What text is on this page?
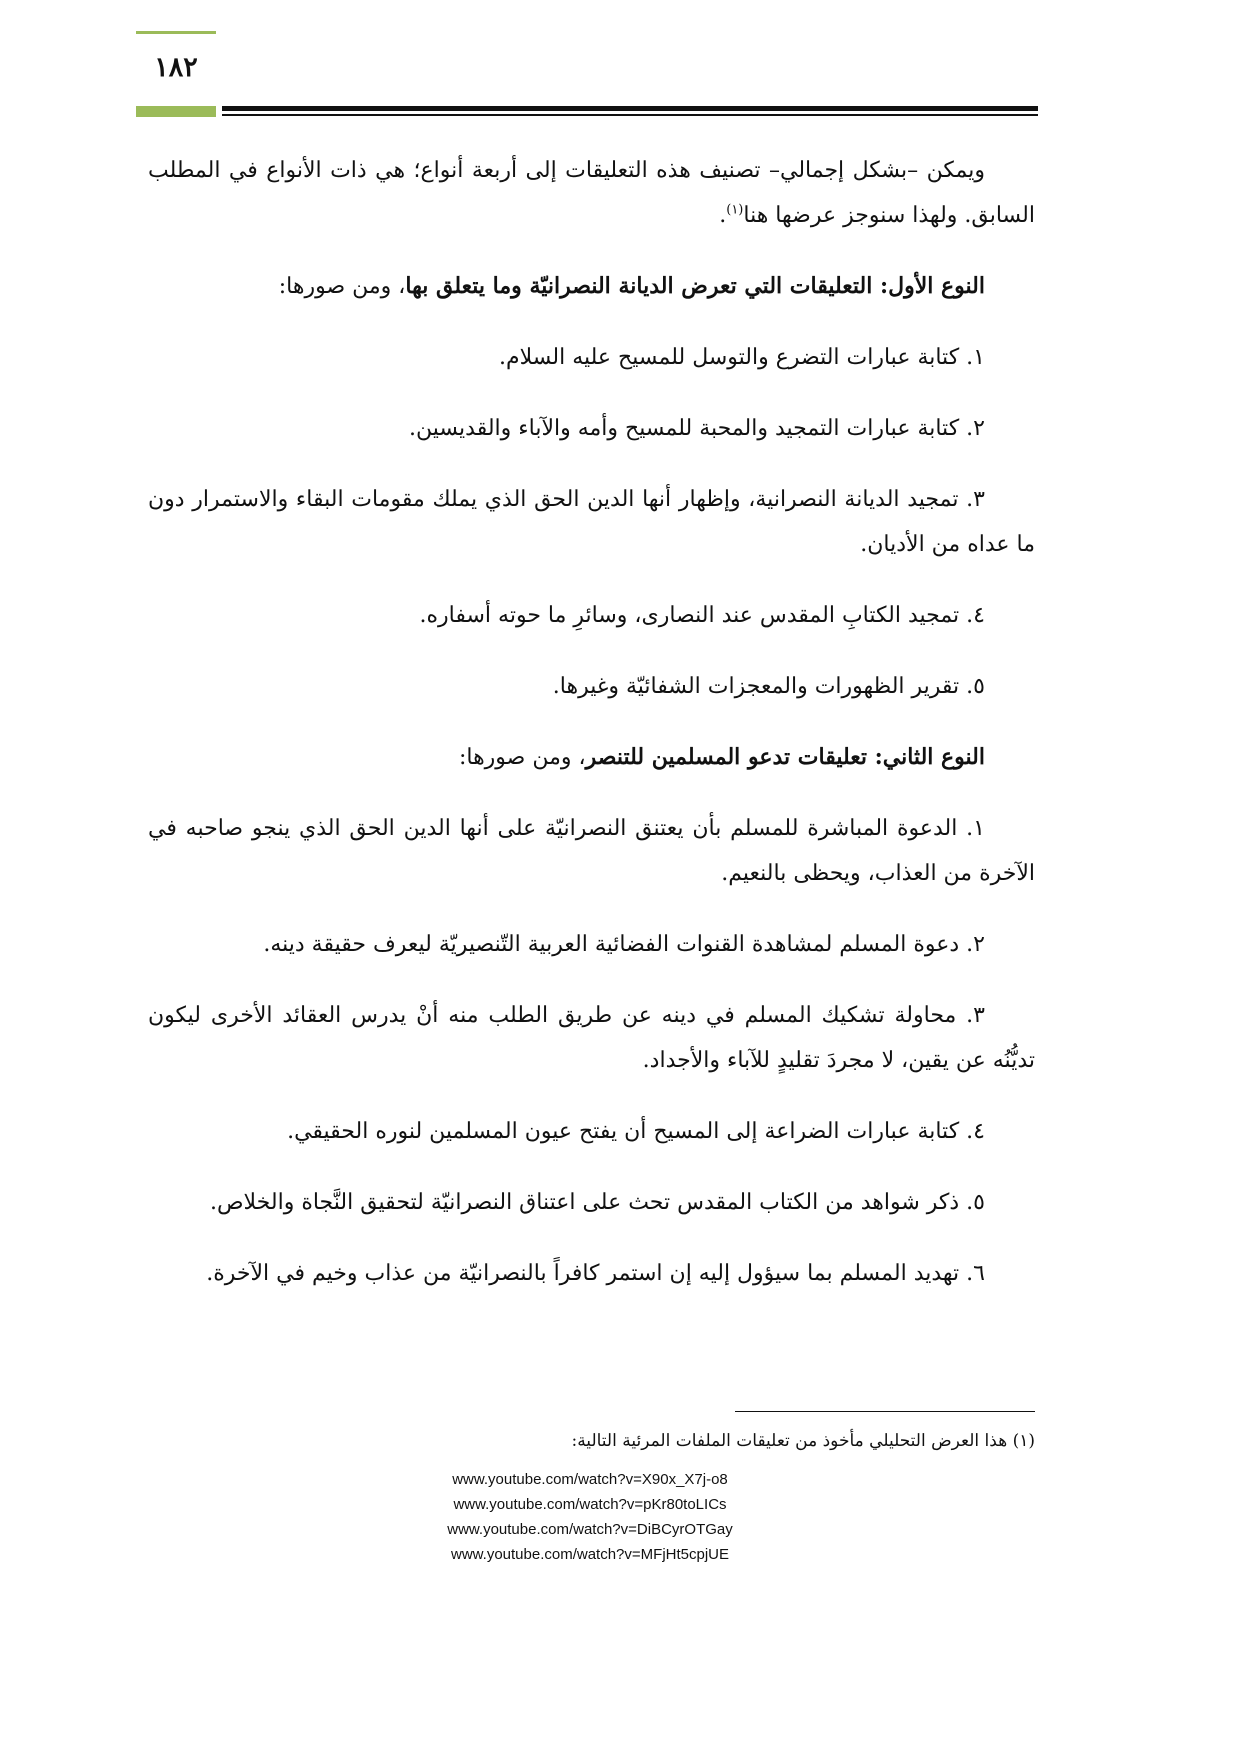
١٨٢

ويمكن –بشكل إجمالي– تصنيف هذه التعليقات إلى أربعة أنواع؛ هي ذات الأنواع في المطلب السابق. ولهذا سنوجز عرضها هنا$^{(١)}$.

النوع الأول: التعليقات التي تعرض الديانة النصرانيّة وما يتعلق بها، ومن صورها:

١. كتابة عبارات التضرع والتوسل للمسيح عليه السلام.

٢. كتابة عبارات التمجيد والمحبة للمسيح وأمه والآباء والقديسين.

٣. تمجيد الديانة النصرانية، وإظهار أنها الدين الحق الذي يملك مقومات البقاء والاستمرار دون ما عداه من الأديان.

٤. تمجيد الكتابِ المقدس عند النصارى، وسائرِ ما حوته أسفاره.

٥. تقرير الظهورات والمعجزات الشفائيّة وغيرها.

النوع الثاني: تعليقات تدعو المسلمين للتنصر، ومن صورها:

١. الدعوة المباشرة للمسلم بأن يعتنق النصرانيّة على أنها الدين الحق الذي ينجو صاحبه في الآخرة من العذاب، ويحظى بالنعيم.

٢. دعوة المسلم لمشاهدة القنوات الفضائية العربية التّنصيريّة ليعرف حقيقة دينه.

٣. محاولة تشكيك المسلم في دينه عن طريق الطلب منه أنْ يدرس العقائد الأخرى ليكون تديُّنُه عن يقين، لا مجردَ تقليدٍ للآباء والأجداد.

٤. كتابة عبارات الضراعة إلى المسيح أن يفتح عيون المسلمين لنوره الحقيقي.

٥. ذكر شواهد من الكتاب المقدس تحث على اعتناق النصرانيّة لتحقيق النَّجاة والخلاص.

٦. تهديد المسلم بما سيؤول إليه إن استمر كافراً بالنصرانيّة من عذاب وخيم في الآخرة.

(١) هذا العرض التحليلي مأخوذ من تعليقات الملفات المرئية التالية:
www.youtube.com/watch?v=X90x_X7j-o8
www.youtube.com/watch?v=pKr80toLICs
www.youtube.com/watch?v=DiBCyrOTGay
www.youtube.com/watch?v=MFjHt5cpjUE
